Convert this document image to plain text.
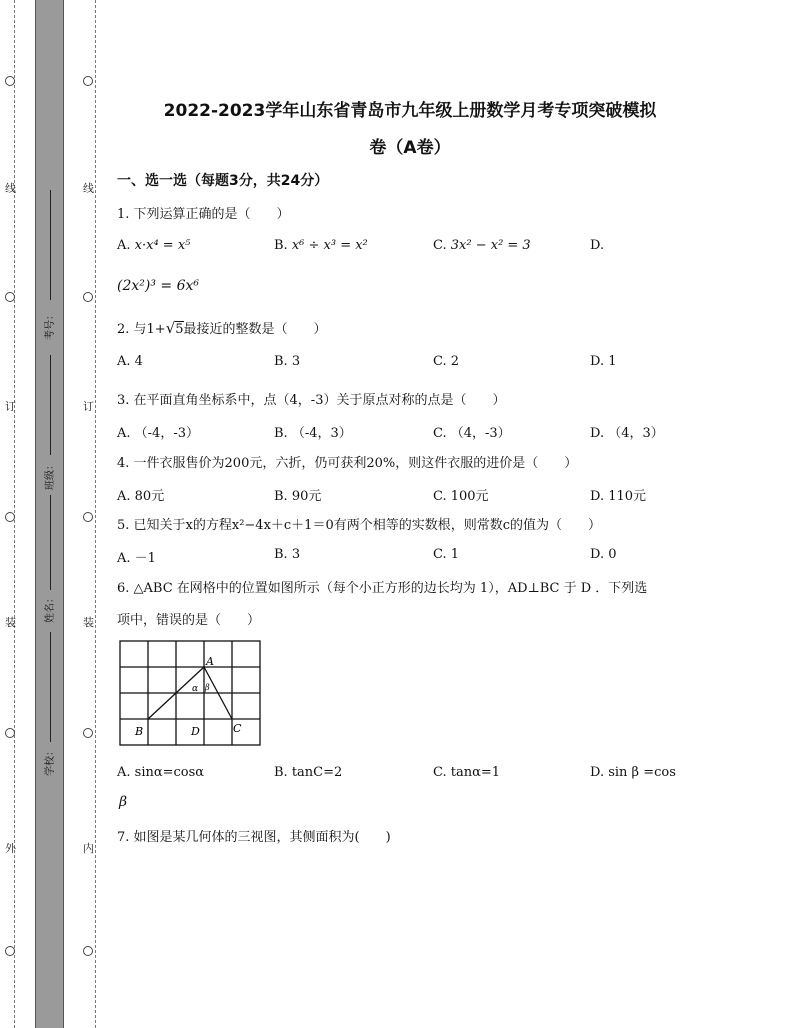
线
订
装
外
线
订
装
内
考号：
班级：
姓名：
学校：
2022-2023学年山东省青岛市九年级上册数学月考专项突破模拟
卷（A卷）
一、选一选（每题3分，共24分）
1. 下列运算正确的是（　　）
A. x·x⁴ = x⁵	B. x⁶ ÷ x³ = x²	C. 3x² − x² = 3	D.
(2x²)³ = 6x⁶
2. 与1+√5最接近的整数是（　　）
A. 4	B. 3	C. 2	D. 1
3. 在平面直角坐标系中，点（4，-3）关于原点对称的点是（　　）
A. （-4，-3）	B. （-4，3）	C. （4，-3）	D. （4，3）
4. 一件衣服售价为200元，六折，仍可获利20%，则这件衣服的进价是（　　）
A. 80元	B. 90元	C. 100元	D. 110元
5. 已知关于x的方程x²−4x＋c＋1＝0有两个相等的实数根，则常数c的值为（　　）
A. －1	B. 3	C. 1	D. 0
6. △ABC 在网格中的位置如图所示（每个小正方形的边长均为 1），AD⊥BC 于 D ．下列选
项中，错误的是（　　）
A
B	C
D
α β
A. sinα=cosα	B. tanC=2	C. tanα=1	D. sin β =cos
β
7. 如图是某几何体的三视图，其侧面积为(　　)
